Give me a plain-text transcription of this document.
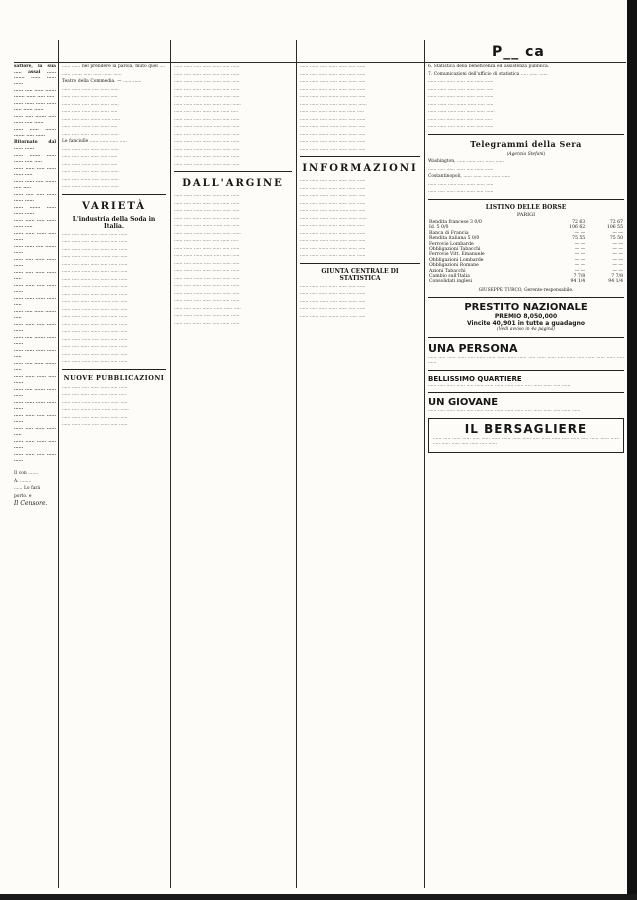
P__ ca

sattore, la sua ..... assai ...... ....... ...... ...... ......

...... ..... ...... ....... ....... ...... ..... .....

...... ...... ...... ...... ..... ...... ......

...... ..... ....... ..... ...... ..... ......

...... ...... ....... ....... ..... ......

Ritornato dal ...... ......

...... ....... ...... ...... ..... .....

...... ...... ..... ...... ...... .....

...... ...... ..... ....... ..... .....

...... ..... ..... ...... ...... ......

...... ....... ...... ...... ......

...... ...... ..... ...... ...... .....

...... ...... ...... ..... ......

...... ...... ..... ....... ......

...... ..... ...... ...... ......

...... ..... ...... ...... .....

...... ...... ..... ...... ......

...... ...... ...... ...... .....

...... ..... ...... ....... .....

...... ...... ..... ...... ......

...... ..... ....... ...... ......

...... ...... ...... ...... .....

...... ..... ...... ....... .....

...... ...... ...... ..... ......

...... ..... ....... ...... ......

...... ...... ...... ...... ......

...... ...... ..... ...... ......

...... ..... ...... ...... .....

...... ...... ...... ..... ......

...... ...... ..... ...... ......

Il con .......

A. ........

...... Lo fará

porto. e

Il Censore.

...... ...... nel prendere la parola, mutò quel ....

...... ....... ...... ...... ...... ......

Teatro della Commedia. — ...... ......

...... ...... ...... ..... ...... ......

...... ..... ...... ...... ...... .....

...... ...... ..... ...... ...... ......

...... ...... ...... ..... ...... .....

...... ..... ...... ....... ...... ......

...... ...... ...... ..... ...... .....

...... ..... ...... ...... ...... ......

Le fanciulle ...... ...... ...... .....

...... ...... ..... ...... ...... ......

...... ..... ...... ...... ..... ......

...... ...... ...... ..... ...... .....

...... ...... ..... ...... ...... ......

...... ..... ....... ..... ...... ......

...... ...... ...... ...... ..... ......

VARIETÀ
L'industria della Soda in Italia.

...... ..... ...... ..... ...... ...... ......

...... ...... ..... ...... ...... ..... ......

...... ...... ...... ..... ...... ..... ......

...... ...... ..... ....... ...... ..... .....

...... ..... ...... ...... ..... ...... ......

...... ...... ...... ..... ...... ...... .....

...... ..... ....... ..... ...... ..... ......

...... ...... ...... ...... ..... ...... .....

...... ...... ..... ...... ...... ..... ......

...... ..... ...... ....... ...... ..... .....

...... ...... ...... ..... ...... ...... .....

...... ...... ..... ...... ..... ...... ......

...... ..... ...... ...... ...... ..... ......

...... ...... ..... ....... ..... ...... .....

...... ...... ...... ..... ...... ..... ......

...... ..... ...... ...... ..... ...... ......

...... ...... ..... ...... ...... ...... .....

...... ...... ...... ..... ...... ..... ......

NUOVE PUBBLICAZIONI

...... ...... ..... ...... ...... ..... ......

...... ..... ...... ..... ...... ...... .....

...... ...... ...... ...... ..... ...... .....

...... ..... ....... ...... ...... ..... ......

...... ...... ..... ...... ...... ...... .....

...... ...... ...... ..... ...... ..... ......

...... ...... ..... ...... ...... ..... ......

...... ..... ...... ...... ..... ...... ......

...... ...... ...... ..... ...... ...... .....

...... ..... ...... ...... ...... ..... ......

...... ...... ..... ....... ...... ..... .....

...... ...... ...... ..... ...... ...... ......

...... ..... ...... ...... ..... ...... .....

...... ...... ..... ...... ...... ..... ......

...... ...... ...... ...... ..... ...... .....

...... ..... ....... ..... ...... ...... .....

...... ...... ..... ...... ...... ..... ......

...... ...... ...... ..... ...... ...... .....

...... ..... ...... ...... ...... ..... ......

...... ...... ...... ..... ...... ...... .....

DALL'ARGINE

...... ...... ..... ...... ...... ..... ......

...... ..... ...... ...... ..... ...... ......

...... ...... ...... ..... ...... ...... .....

...... ..... ...... ...... ...... ..... ......

...... ...... ..... ....... ...... ..... .....

...... ...... ...... ..... ...... ...... ......

...... ..... ...... ...... ..... ...... .....

...... ...... ..... ...... ...... ..... ......

...... ...... ...... ...... ..... ...... .....

...... ..... ....... ..... ...... ...... .....

...... ...... ..... ...... ...... ..... ......

...... ...... ...... ..... ...... ...... .....

...... ..... ...... ...... ...... ..... ......

...... ...... ...... ..... ...... ...... .....

...... ...... ..... ...... ...... ..... ......

...... ..... ...... ....... ...... ...... .....

...... ...... ...... ..... ...... ..... ......

...... ..... ...... ...... ..... ...... ......

...... ...... ..... ...... ...... ..... ......

...... ..... ...... ...... ..... ...... ......

...... ...... ...... ..... ...... ...... .....

...... ..... ...... ...... ...... ..... ......

...... ...... ..... ....... ...... ..... .....

...... ...... ...... ..... ...... ...... ......

...... ..... ...... ...... ..... ...... .....

...... ...... ..... ...... ...... ..... ......

...... ...... ...... ...... ..... ...... .....

...... ..... ....... ..... ...... ...... .....

...... ...... ..... ...... ...... ..... ......

...... ...... ...... ..... ...... ...... .....

INFORMAZIONI

...... ...... ..... ...... ...... ..... ......

...... ..... ...... ...... ..... ...... ......

...... ...... ...... ..... ...... ...... .....

...... ..... ...... ...... ...... ..... ......

...... ...... ..... ....... ...... ..... .....

...... ...... ...... ..... ...... ...... ......

...... ..... ...... ...... ..... ...... .....

...... ...... ..... ...... ...... ..... ......

...... ...... ...... ...... ..... ...... .....

...... ..... ....... ..... ...... ...... .....

...... ...... ..... ...... ...... ..... ......

GIUNTA CENTRALE DI STATISTICA

...... ...... ..... ...... ...... ..... ......

...... ..... ...... ...... ..... ...... ......

...... ...... ...... ..... ...... ...... .....

...... ..... ...... ...... ...... ..... ......

...... ...... ..... ....... ...... ..... .....

6. Statistica della beneficenza ed assistenza pubblica.

7. Comunicazioni dell'ufficio di statistica ..... ...... ......

...... ..... ...... ...... ..... ...... ......

...... ...... ...... ..... ...... ...... .....

...... ..... ...... ...... ...... ..... ......

...... ...... ..... ....... ...... ..... .....

...... ...... ...... ..... ...... ...... ......

...... ..... ...... ...... ..... ...... .....

...... ...... ..... ...... ...... ..... ......

Telegrammi della Sera

(Agenzia Stefani)

Washington, ...... ...... ..... ...... ......

...... ..... ...... ...... ..... ...... ......

Costantinopoli, ...... ...... ..... ...... ......

...... ...... ...... ..... ...... ...... .....

...... ..... ...... ...... ...... ..... ......

LISTINO DELLE BORSE

PARIGI

Rendita francese 3 0/0	72 63	72 67
Id. 5 0/0	106 62	106 55
Banca di Francia	— —	— —
Rendita italiana 5 0/0	75 55	75 50
Ferrovie Lombarde	— —	— —
Obbligazioni Tabacchi	— —	— —
Ferrovie Vitt. Emanuele	— —	— —
Obbligazioni Lombarde	— —	— —
Obbligazioni Romane	— —	— —
Azioni Tabacchi	— —	— —
Cambio sull'Italia	7 7/8	7 7/8
Consolidati inglesi	94 1/4	94 1/4

GIUSEPPE TURCO, Gerente-responsabile.

PRESTITO NAZIONALE
PREMIO 8,050,000
Vincite 40,901 in tutte a guadagno

(Vedi avviso in 4a pagina)

UNA PERSONA

...... ..... ...... ...... ..... ...... ...... ...... ...... ...... ..... ...... ...... ..... ...... ..... ...... ...... ...... ..... ......

BELLISSIMO QUARTIERE

...... ..... ...... ...... ..... ...... ...... ...... ...... ...... ..... ...... ...... ..... ......

UN GIOVANE

...... ..... ...... ...... ..... ...... ...... ...... ...... ...... ..... ...... ...... ..... ...... ......

IL BERSAGLIERE

...... ..... ...... ...... ..... ...... ...... ...... ...... ...... ..... ...... ...... ..... ...... ..... ...... ...... ...... ..... ...... ...... ..... ...... ..... ......
